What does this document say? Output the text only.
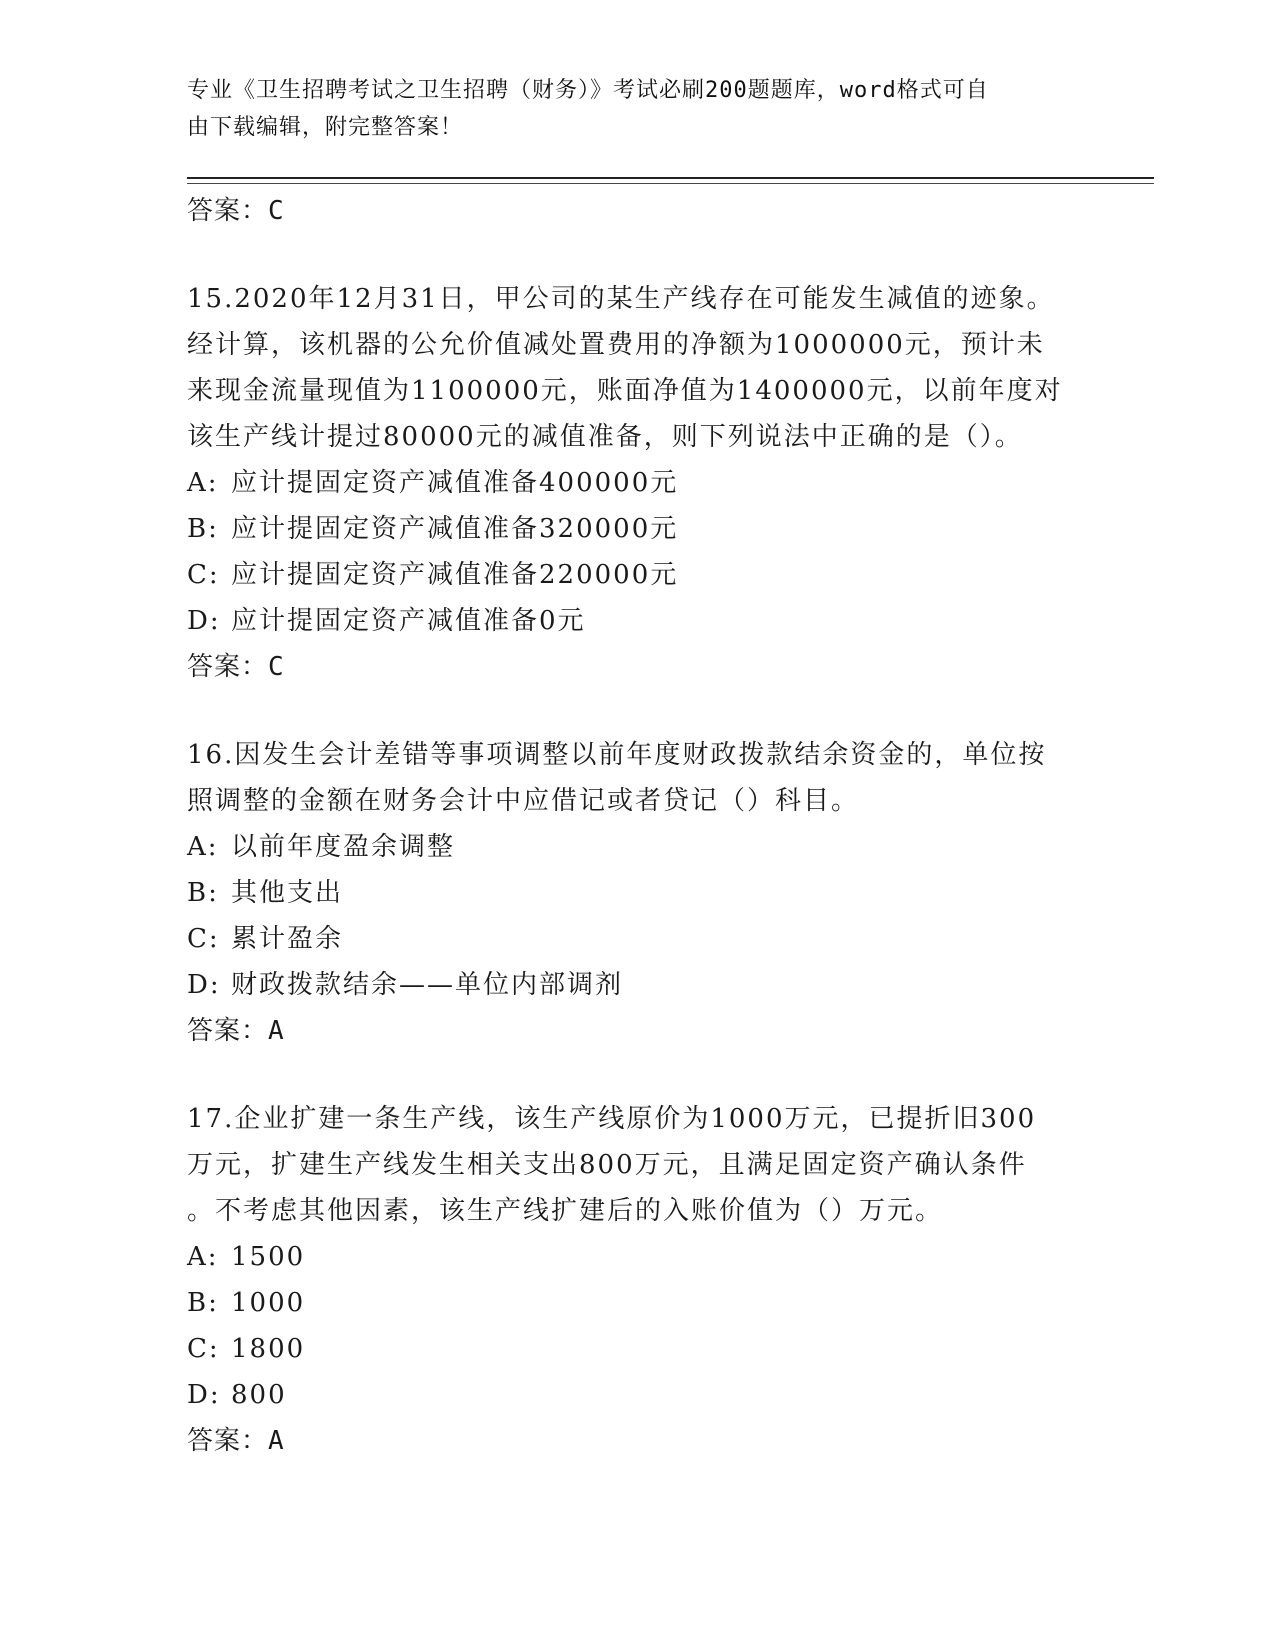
专业《卫生招聘考试之卫生招聘（财务）》考试必刷200题题库，word格式可自
由下载编辑，附完整答案！
答案：C
15.2020年12月31日，甲公司的某生产线存在可能发生减值的迹象。
经计算，该机器的公允价值减处置费用的净额为1000000元，预计未
来现金流量现值为1100000元，账面净值为1400000元，以前年度对
该生产线计提过80000元的减值准备，则下列说法中正确的是（）。
A: 应计提固定资产减值准备400000元
B: 应计提固定资产减值准备320000元
C: 应计提固定资产减值准备220000元
D: 应计提固定资产减值准备0元
答案：C
16.因发生会计差错等事项调整以前年度财政拨款结余资金的，单位按
照调整的金额在财务会计中应借记或者贷记（）科目。
A: 以前年度盈余调整
B: 其他支出
C: 累计盈余
D: 财政拨款结余——单位内部调剂
答案：A
17.企业扩建一条生产线，该生产线原价为1000万元，已提折旧300
万元，扩建生产线发生相关支出800万元，且满足固定资产确认条件
。不考虑其他因素，该生产线扩建后的入账价值为（）万元。
A: 1500
B: 1000
C: 1800
D: 800
答案：A
